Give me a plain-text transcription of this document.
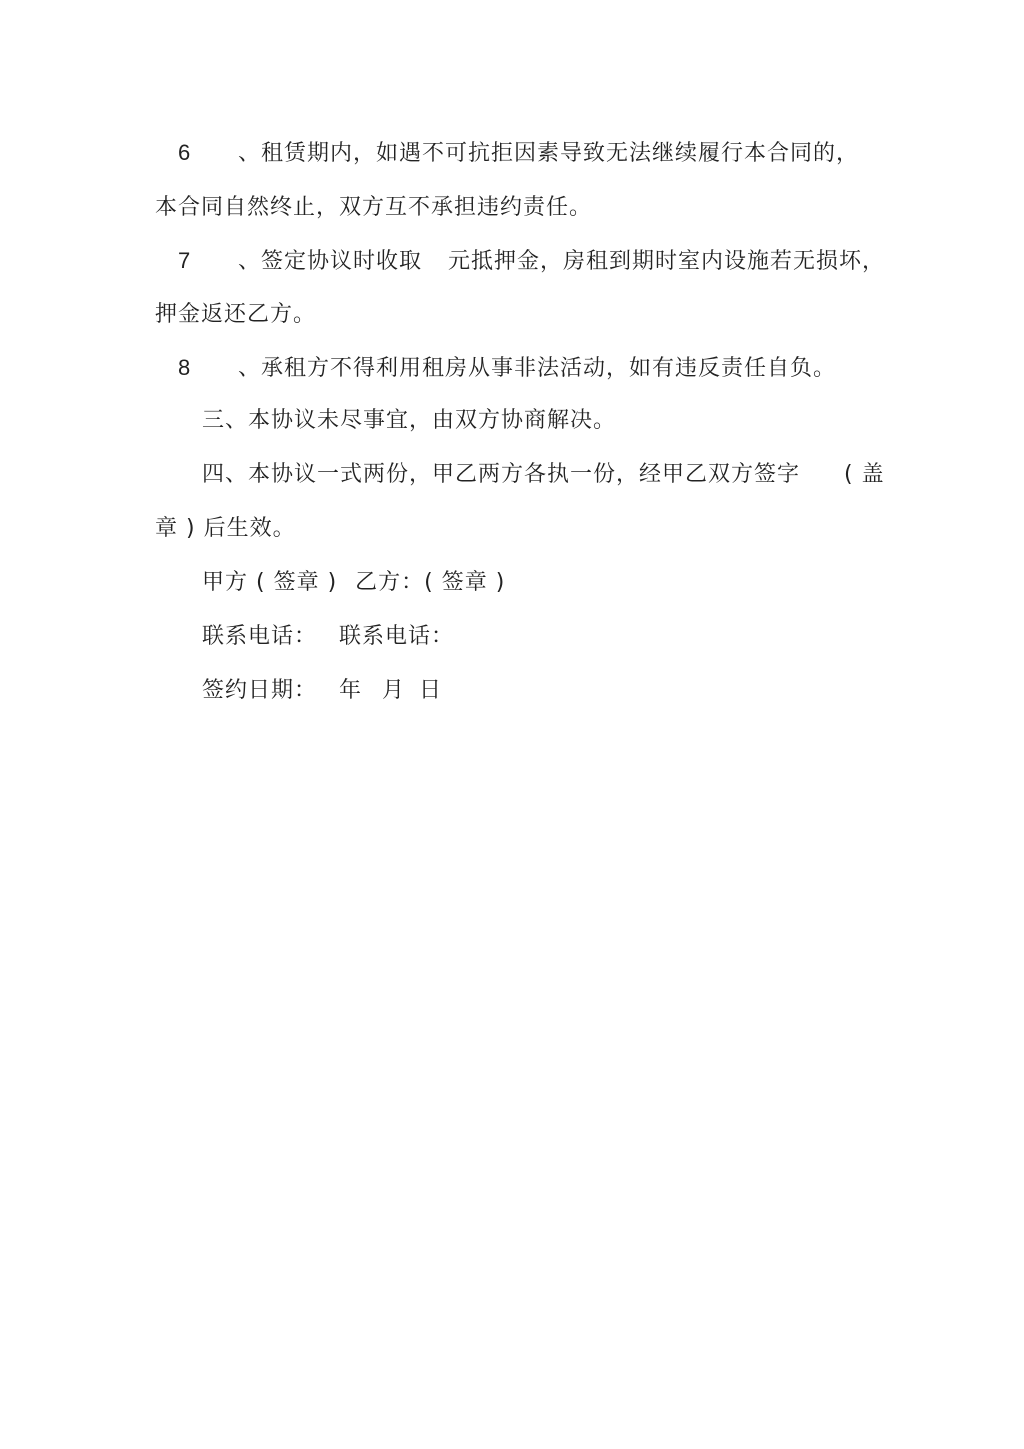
6 、租赁期内，如遇不可抗拒因素导致无法继续履行本合同的，
本合同自然终止，双方互不承担违约责任。
7 、签定协议时收取 元抵押金，房租到期时室内设施若无损坏，
押金返还乙方。
8 、承租方不得利用租房从事非法活动，如有违反责任自负。
三、本协议未尽事宜，由双方协商解决。
四、本协议一式两份，甲乙两方各执一份，经甲乙双方签字 ( 盖
章 ) 后生效。
甲方 ( 签章 ) 乙方：( 签章 )
联系电话： 联系电话：
签约日期： 年 月 日
